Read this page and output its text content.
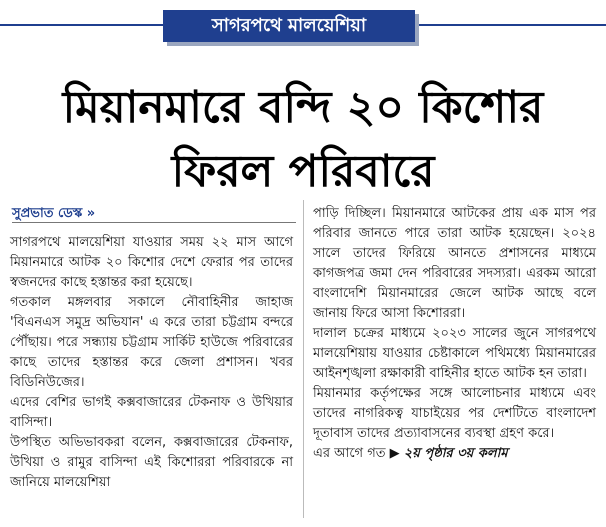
সাগরপথে মালয়েশিয়া
মিয়ানমারে বন্দি ২০ কিশোর
ফিরল পরিবারে
সুপ্রভাত ডেস্ক »

সাগরপথে মালয়েশিয়া যাওয়ার সময় ২২ মাস আগে মিয়ানমারে আটক ২০ কিশোর দেশে ফেরার পর তাদের স্বজনদের কাছে হস্তান্তর করা হয়েছে।

গতকাল মঙ্গলবার সকালে নৌবাহিনীর জাহাজ 'বিএনএস সমুদ্র অভিযান' এ করে তারা চট্টগ্রাম বন্দরে পৌঁছায়। পরে সন্ধ্যায় চট্টগ্রাম সার্কিট হাউজে পরিবারের কাছে তাদের হস্তান্তর করে জেলা প্রশাসন। খবর বিডিনিউজের।

এদের বেশির ভাগই কক্সবাজারের টেকনাফ ও উখিয়ার বাসিন্দা।

উপস্থিত অভিভাবকরা বলেন, কক্সবাজারের টেকনাফ, উখিয়া ও রামুর বাসিন্দা এই কিশোররা পরিবারকে না জানিয়ে মালয়েশিয়া

পাড়ি দিচ্ছিল। মিয়ানমারে আটকের প্রায় এক মাস পর পরিবার জানতে পারে তারা আটক হয়েছেন। ২০২৪ সালে তাদের ফিরিয়ে আনতে প্রশাসনের মাধ্যমে কাগজপত্র জমা দেন পরিবারের সদস্যরা। এরকম আরো বাংলাদেশি মিয়ানমারের জেলে আটক আছে বলে জানায় ফিরে আসা কিশোররা।

দালাল চক্রের মাধ্যমে ২০২৩ সালের জুনে সাগরপথে মালয়েশিয়ায় যাওয়ার চেষ্টাকালে পথিমধ্যে মিয়ানমারের আইনশৃঙ্খলা রক্ষাকারী বাহিনীর হাতে আটক হন তারা।

মিয়ানমার কর্তৃপক্ষের সঙ্গে আলোচনার মাধ্যমে এবং তাদের নাগরিকত্ব যাচাইয়ের পর দেশটিতে বাংলাদেশ দূতাবাস তাদের প্রত্যাবাসনের ব্যবস্থা গ্রহণ করে।

এর আগে গত ▶ ২য় পৃষ্ঠার ৩য় কলাম
